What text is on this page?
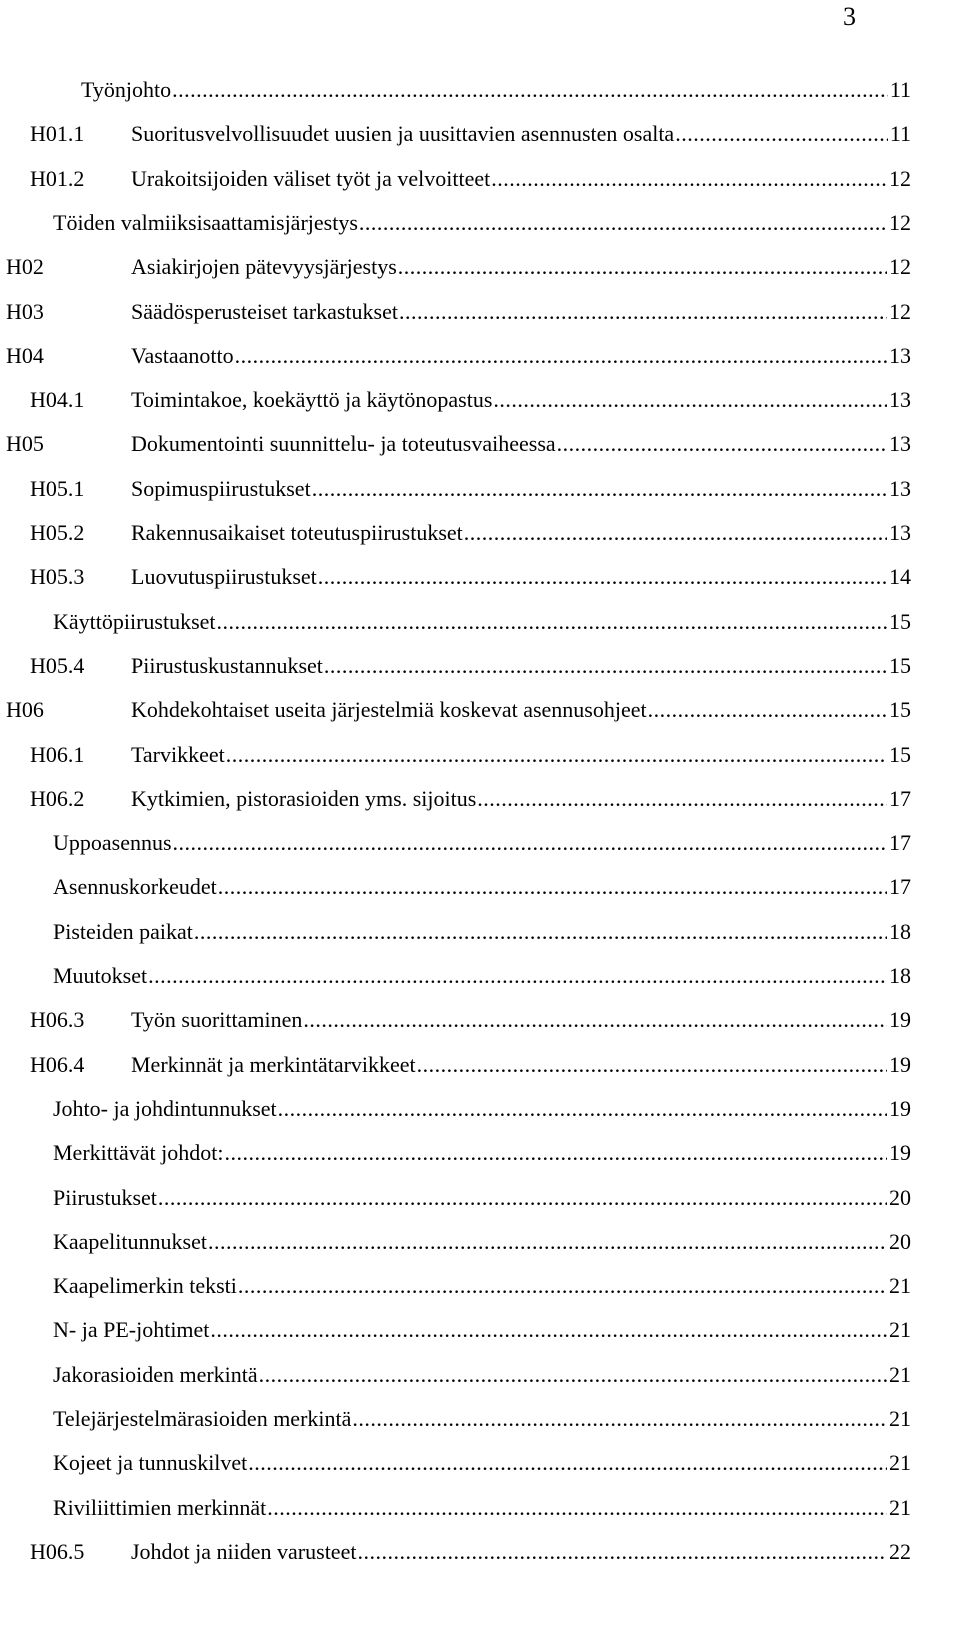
3
Työnjohto .....	11
H01.1 Suoritusvelvollisuudet uusien ja uusittavien asennusten osalta .....	11
H01.2 Urakoitsijoiden väliset työt ja velvoitteet .....	12
Töiden valmiiksisaattamisjärjestys .....	12
H02	Asiakirjojen pätevyysjärjestys .....	12
H03	Säädösperusteiset tarkastukset .....	12
H04	Vastaanotto .....	13
H04.1 Toimintakoe, koekäyttö ja käytönopastus .....	13
H05	Dokumentointi suunnittelu- ja toteutusvaiheessa .....	13
H05.1 Sopimuspiirustukset .....	13
H05.2 Rakennusaikaiset toteutuspiirustukset .....	13
H05.3 Luovutuspiirustukset .....	14
Käyttöpiirustukset .....	15
H05.4 Piirustuskustannukset .....	15
H06	Kohdekohtaiset useita järjestelmiä koskevat asennusohjeet .....	15
H06.1 Tarvikkeet .....	15
H06.2 Kytkimien, pistorasioiden yms. sijoitus .....	17
Uppoasennus .....	17
Asennuskorkeudet .....	17
Pisteiden paikat .....	18
Muutokset .....	18
H06.3 Työn suorittaminen .....	19
H06.4 Merkinnät ja merkintätarvikkeet .....	19
Johto- ja johdintunnukset .....	19
Merkittävät johdot: .....	19
Piirustukset .....	20
Kaapelitunnukset .....	20
Kaapelimerkin teksti .....	21
N- ja PE-johtimet .....	21
Jakorasioiden merkintä .....	21
Telejärjestelmärasioiden merkintä .....	21
Kojeet ja tunnuskilvet .....	21
Riviliittimien merkinnät .....	21
H06.5 Johdot ja niiden varusteet .....	22
